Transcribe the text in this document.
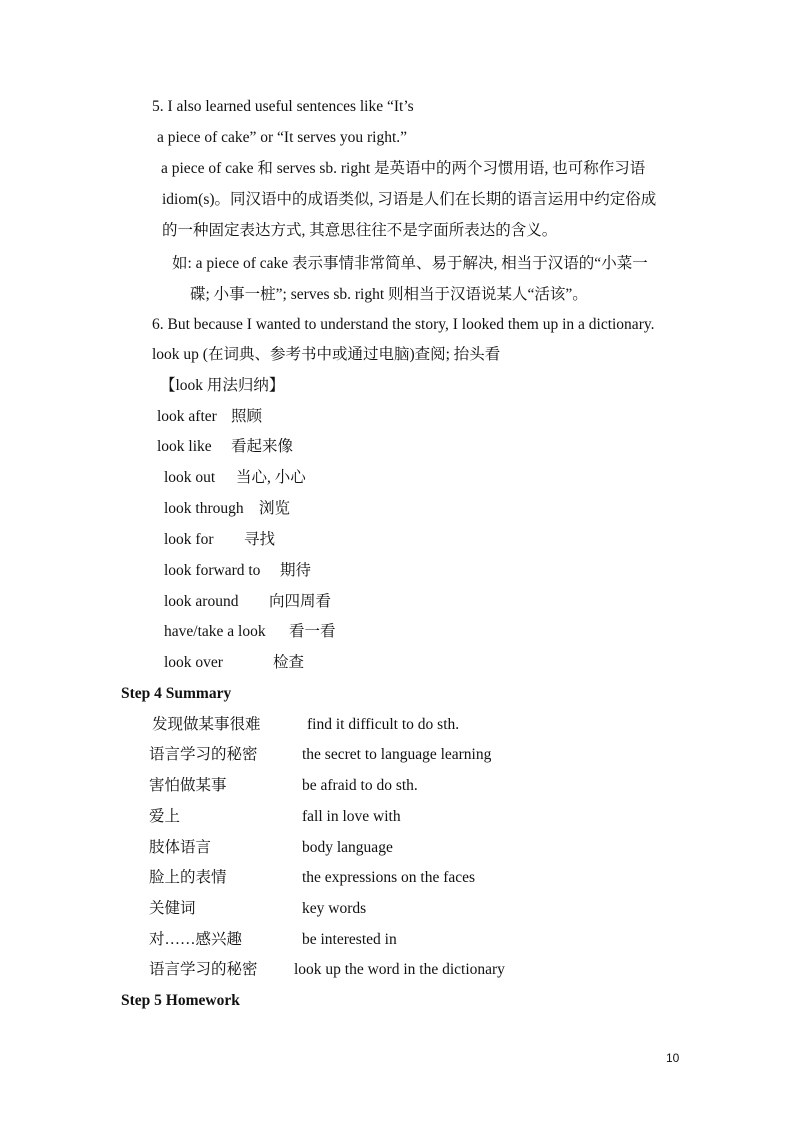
5. I also learned useful sentences like “It’s
a piece of cake” or “It serves you right.”
a piece of cake 和 serves sb. right 是英语中的两个习惯用语, 也可称作习语
idiom(s)。同汉语中的成语类似, 习语是人们在长期的语言运用中约定俗成
的一种固定表达方式, 其意思往往不是字面所表达的含义。
如: a piece of cake 表示事情非常简单、易于解决, 相当于汉语的“小菜一
碟; 小事一桩”; serves sb. right 则相当于汉语说某人“活该”。
6. But because I wanted to understand the story, I looked them up in a dictionary.
look up (在词典、参考书中或通过电脑)查阅; 抬头看
【look 用法归纳】
look after 照顾
look like 看起来像
look out 当心, 小心
look through 浏览
look for 寻找
look forward to 期待
look around 向四周看
have/take a look 看一看
look over	检查
Step 4 Summary
发现做某事很难	find it difficult to do sth.
语言学习的秘密	the secret to language learning
害怕做某事	be afraid to do sth.
爱上	fall in love with
肢体语言	body language
脸上的表情	the expressions on the faces
关健词	key words
对……感兴趣	be interested in
语言学习的秘密 look up the word in the dictionary
Step 5 Homework
10
